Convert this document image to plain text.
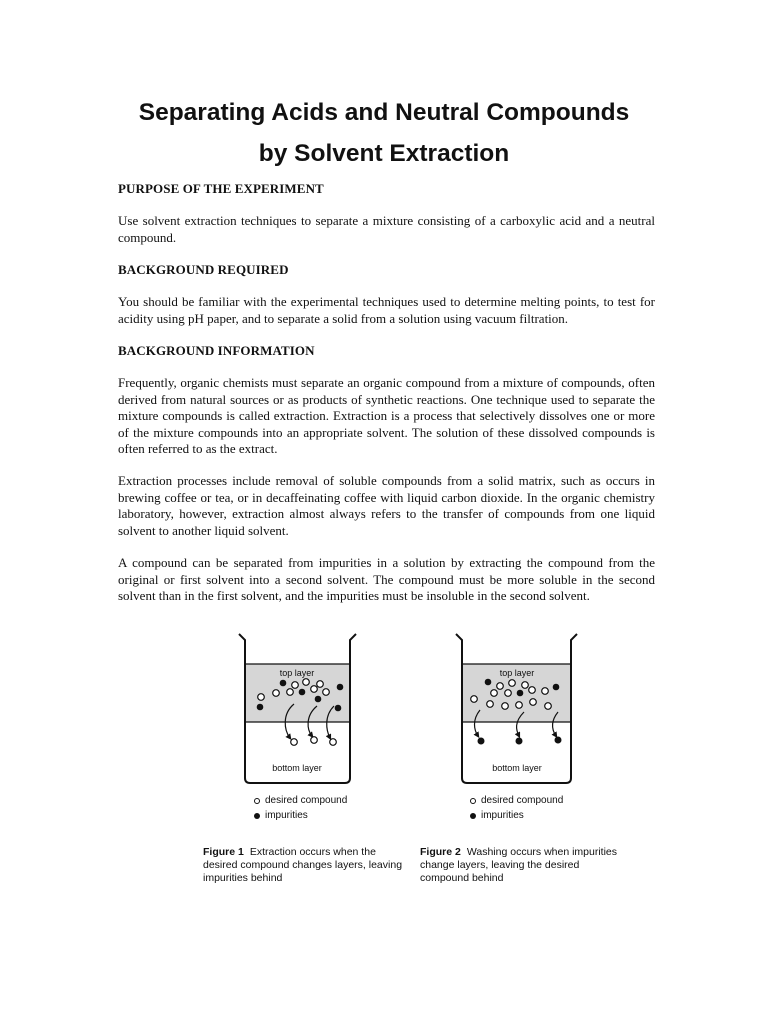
Separating Acids and Neutral Compounds
by Solvent Extraction
PURPOSE OF THE EXPERIMENT
Use solvent extraction techniques to separate a mixture consisting of a carboxylic acid and a neutral compound.
BACKGROUND REQUIRED
You should be familiar with the experimental techniques used to determine melting points, to test for acidity using pH paper, and to separate a solid from a solution using vacuum filtration.
BACKGROUND INFORMATION
Frequently, organic chemists must separate an organic compound from a mixture of compounds, often derived from natural sources or as products of synthetic reactions. One technique used to separate the mixture compounds is called extraction. Extraction is a process that selectively dissolves one or more of the mixture compounds into an appropriate solvent. The solution of these dissolved compounds is often referred to as the extract.
Extraction processes include removal of soluble compounds from a solid matrix, such as occurs in brewing coffee or tea, or in decaffeinating coffee with liquid carbon dioxide. In the organic chemistry laboratory, however, extraction almost always refers to the transfer of compounds from one liquid solvent to another liquid solvent.
A compound can be separated from impurities in a solution by extracting the compound from the original or first solvent into a second solvent. The compound must be more soluble in the second solvent than in the first solvent, and the impurities must be insoluble in the second solvent.
top layer
bottom layer
top layer
bottom layer
desired compound
impurities
desired compound
impurities
Figure 1 Extraction occurs when the desired compound changes layers, leaving impurities behind
Figure 2 Washing occurs when impurities change layers, leaving the desired compound behind
